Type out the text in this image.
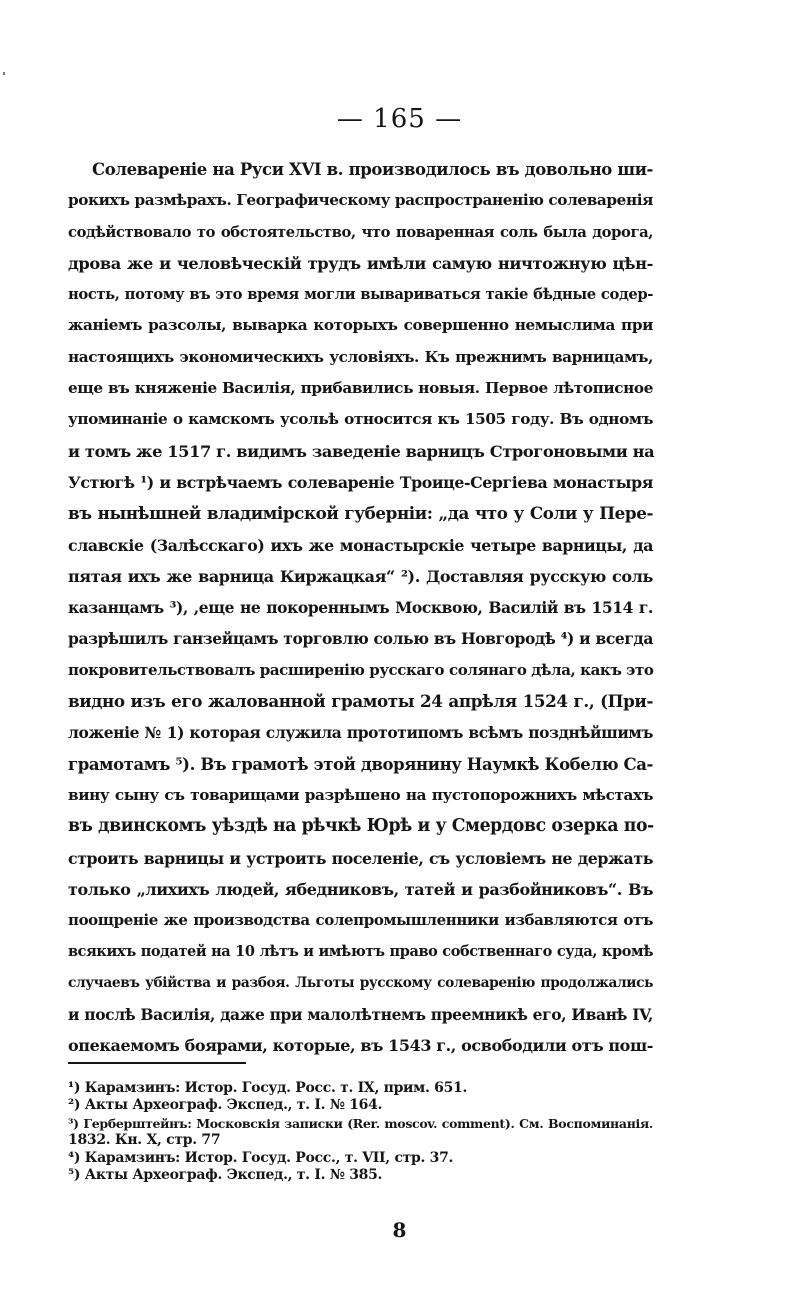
— 165 —
Солевареніе на Руси XVI в. производилось въ довольно ши-
рокихъ размѣрахъ. Географическому распространенію солеваренія
содѣйствовало то обстоятельство, что поваренная соль была дорога,
дрова же и человѣческій трудъ имѣли самую ничтожную цѣн-
ность, потому въ это время могли вывариваться такіе бѣдные содер-
жаніемъ разсолы, выварка которыхъ совершенно немыслима при
настоящихъ экономическихъ условіяхъ. Къ прежнимъ варницамъ,
еще въ княженіе Василія, прибавились новыя. Первое лѣтописное
упоминаніе о камскомъ усольѣ относится къ 1505 году. Въ одномъ
и томъ же 1517 г. видимъ заведеніе варницъ Строгоновыми на
Устюгѣ ¹) и встрѣчаемъ солевареніе Троице-Сергіева монастыря
въ нынѣшней владимірской губерніи: „да что у Соли у Пере-
славскіе (Залѣсскаго) ихъ же монастырскіе четыре варницы, да
пятая ихъ же варница Киржацкая“ ²). Доставляя русскую соль
казанцамъ ³), ,еще не покореннымъ Москвою, Василій въ 1514 г.
разрѣшилъ ганзейцамъ торговлю солью въ Новгородѣ ⁴) и всегда
покровительствовалъ расширенію русскаго солянаго дѣла, какъ это
видно изъ его жалованной грамоты 24 апрѣля 1524 г., (При-
ложеніе № 1) которая служила прототипомъ всѣмъ позднѣйшимъ
грамотамъ ⁵). Въ грамотѣ этой дворянину Наумкѣ Кобелю Са-
вину сыну съ товарищами разрѣшено на пустопорожнихъ мѣстахъ
въ двинскомъ уѣздѣ на рѣчкѣ Юрѣ и у Смердовс озерка по-
строить варницы и устроить поселеніе, съ условіемъ не держать
только „лихихъ людей, ябедниковъ, татей и разбойниковъ“. Въ
поощреніе же производства солепромышленники избавляются отъ
всякихъ податей на 10 лѣтъ и имѣютъ право собственнаго суда, кромѣ
случаевъ убійства и разбоя. Льготы русскому солеваренію продолжались
и послѣ Василія, даже при малолѣтнемъ преемникѣ его, Иванѣ IV,
опекаемомъ боярами, которые, въ 1543 г., освободили отъ пош-
¹) Карамзинъ: Истор. Госуд. Росс. т. IX, прим. 651.
²) Акты Археограф. Экспед., т. I. № 164.
³) Герберштейнъ: Московскія записки (Rer. moscov. comment). См. Воспоминанія.
1832. Кн. X, стр. 77
⁴) Карамзинъ: Истор. Госуд. Росс., т. VII, стр. 37.
⁵) Акты Археограф. Экспед., т. I. № 385.
8
